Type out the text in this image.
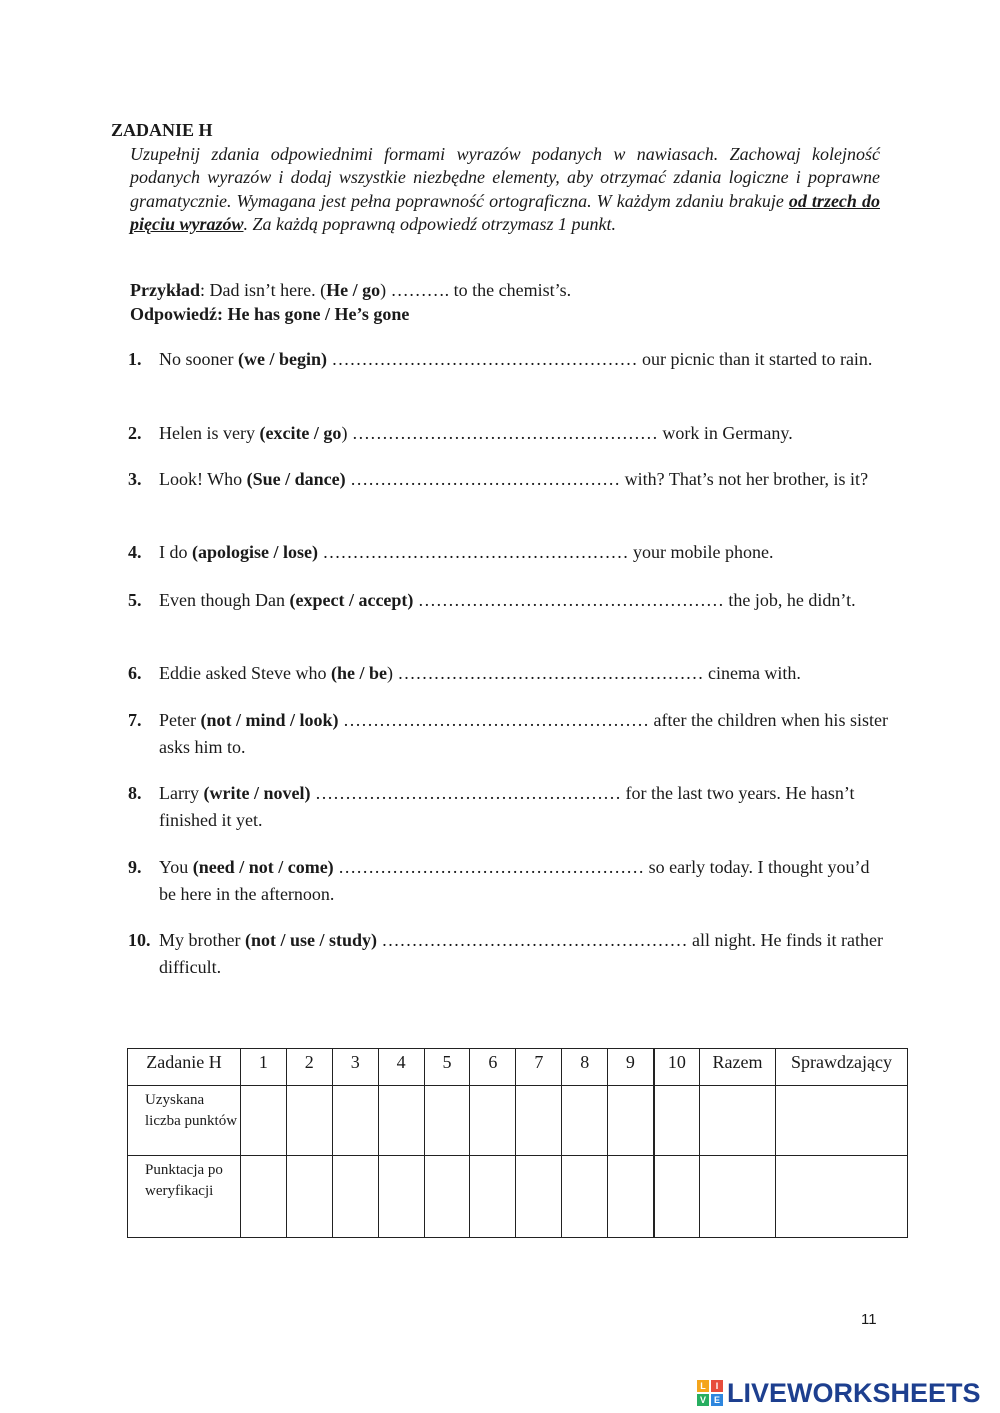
ZADANIE H
Uzupełnij zdania odpowiednimi formami wyrazów podanych w nawiasach. Zachowaj kolejność podanych wyrazów i dodaj wszystkie niezbędne elementy, aby otrzymać zdania logiczne i poprawne gramatycznie. Wymagana jest pełna poprawność ortograficzna. W każdym zdaniu brakuje od trzech do pięciu wyrazów. Za każdą poprawną odpowiedź otrzymasz 1 punkt.
Przykład: Dad isn’t here. (He / go) ………. to the chemist’s.
Odpowiedź: He has gone / He’s gone
1. No sooner (we / begin) …………………………………………… our picnic than it started to rain.
2. Helen is very (excite / go) …………………………………………… work in Germany.
3. Look! Who (Sue / dance) ……………………………………… with? That’s not her brother, is it?
4. I do (apologise / lose) …………………………………………… your mobile phone.
5. Even though Dan (expect / accept) …………………………………………… the job, he didn’t.
6. Eddie asked Steve who (he / be) …………………………………………… cinema with.
7. Peter (not / mind / look) …………………………………………… after the children when his sister asks him to.
8. Larry (write / novel) …………………………………………… for the last two years. He hasn’t finished it yet.
9. You (need / not / come) …………………………………………… so early today. I thought you’d be here in the afternoon.
10. My brother (not / use / study) …………………………………………… all night. He finds it rather difficult.
Zadanie H	1	2	3	4	5	6	7	8	9	10	Razem	Sprawdzający
Uzyskana liczba punktów												
Punktacja po weryfikacji												
11
L	I
V E LIVEWORKSHEETS
